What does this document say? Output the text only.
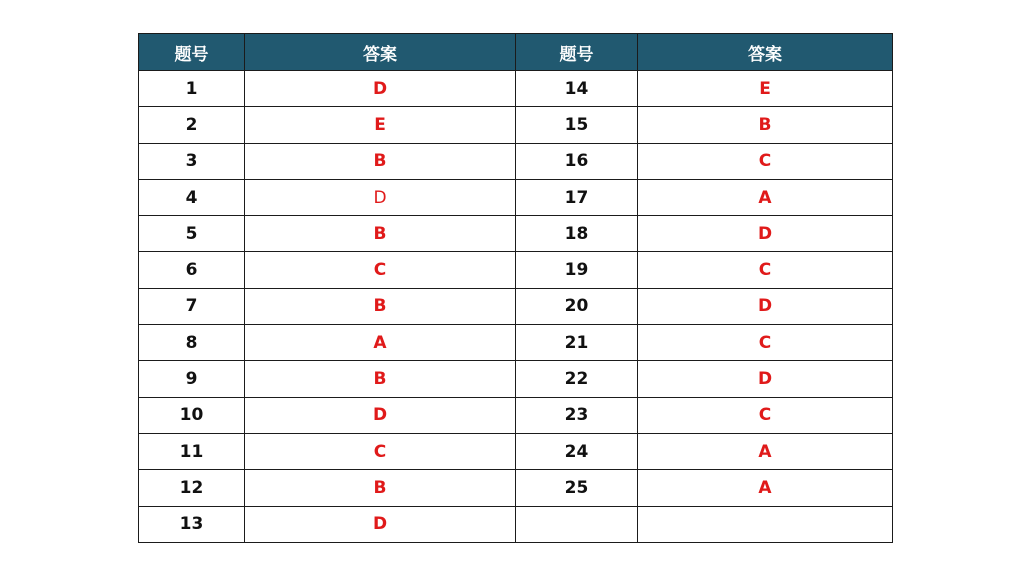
题号	答案	题号	答案
1	D	14	E
2	E	15	B
3	B	16	C
4	D	17	A
5	B	18	D
6	C	19	C
7	B	20	D
8	A	21	C
9	B	22	D
10	D	23	C
11	C	24	A
12	B	25	A
13	D		
